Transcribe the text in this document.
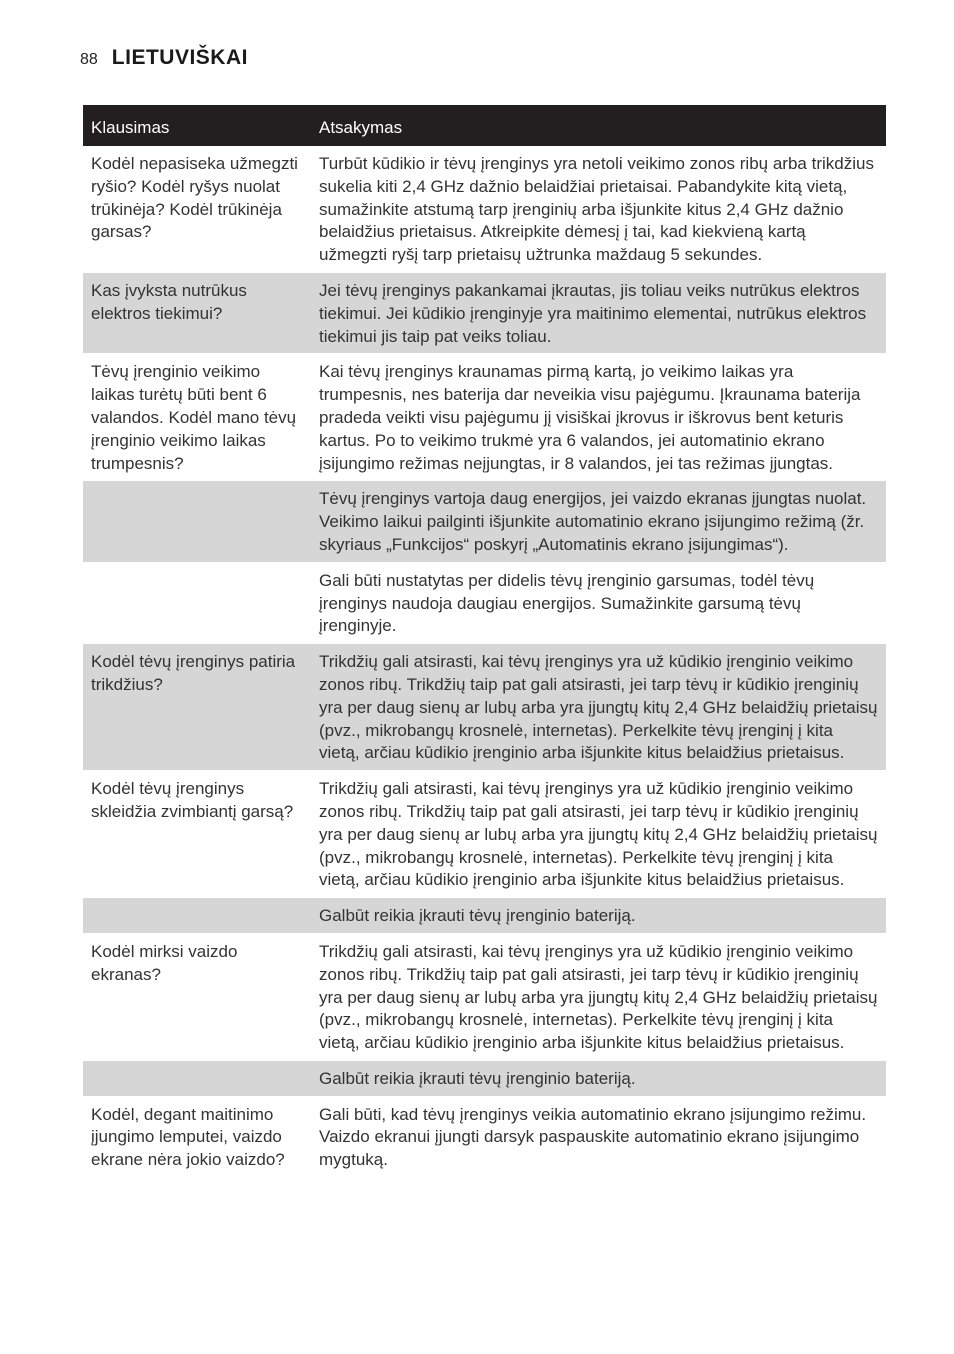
88 LIETUVIŠKAI
Klausimas	Atsakymas
Kodėl nepasiseka užmegzti ryšio? Kodėl ryšys nuolat trūkinėja? Kodėl trūkinėja garsas?	Turbūt kūdikio ir tėvų įrenginys yra netoli veikimo zonos ribų arba trikdžius sukelia kiti 2,4 GHz dažnio belaidžiai prietaisai. Pabandykite kitą vietą, sumažinkite atstumą tarp įrenginių arba išjunkite kitus 2,4 GHz dažnio belaidžius prietaisus. Atkreipkite dėmesį į tai, kad kiekvieną kartą užmegzti ryšį tarp prietaisų užtrunka maždaug 5 sekundes.
Kas įvyksta nutrūkus elektros tiekimui?	Jei tėvų įrenginys pakankamai įkrautas, jis toliau veiks nutrūkus elektros tiekimui. Jei kūdikio įrenginyje yra maitinimo elementai, nutrūkus elektros tiekimui jis taip pat veiks toliau.
Tėvų įrenginio veikimo laikas turėtų būti bent 6 valandos. Kodėl mano tėvų įrenginio veikimo laikas trumpesnis?	Kai tėvų įrenginys kraunamas pirmą kartą, jo veikimo laikas yra trumpesnis, nes baterija dar neveikia visu pajėgumu. Įkraunama baterija pradeda veikti visu pajėgumu jį visiškai įkrovus ir iškrovus bent keturis kartus. Po to veikimo trukmė yra 6 valandos, jei automatinio ekrano įsijungimo režimas neįjungtas, ir 8 valandos, jei tas režimas įjungtas.
	Tėvų įrenginys vartoja daug energijos, jei vaizdo ekranas įjungtas nuolat. Veikimo laikui pailginti išjunkite automatinio ekrano įsijungimo režimą (žr. skyriaus „Funkcijos“ poskyrį „Automatinis ekrano įsijungimas“).
	Gali būti nustatytas per didelis tėvų įrenginio garsumas, todėl tėvų įrenginys naudoja daugiau energijos. Sumažinkite garsumą tėvų įrenginyje.
Kodėl tėvų įrenginys patiria trikdžius?	Trikdžių gali atsirasti, kai tėvų įrenginys yra už kūdikio įrenginio veikimo zonos ribų. Trikdžių taip pat gali atsirasti, jei tarp tėvų ir kūdikio įrenginių yra per daug sienų ar lubų arba yra įjungtų kitų 2,4 GHz belaidžių prietaisų (pvz., mikrobangų krosnelė, internetas). Perkelkite tėvų įrenginį į kita vietą, arčiau kūdikio įrenginio arba išjunkite kitus belaidžius prietaisus.
Kodėl tėvų įrenginys skleidžia zvimbiantį garsą?	Trikdžių gali atsirasti, kai tėvų įrenginys yra už kūdikio įrenginio veikimo zonos ribų. Trikdžių taip pat gali atsirasti, jei tarp tėvų ir kūdikio įrenginių yra per daug sienų ar lubų arba yra įjungtų kitų 2,4 GHz belaidžių prietaisų (pvz., mikrobangų krosnelė, internetas). Perkelkite tėvų įrenginį į kita vietą, arčiau kūdikio įrenginio arba išjunkite kitus belaidžius prietaisus.
	Galbūt reikia įkrauti tėvų įrenginio bateriją.
Kodėl mirksi vaizdo ekranas?	Trikdžių gali atsirasti, kai tėvų įrenginys yra už kūdikio įrenginio veikimo zonos ribų. Trikdžių taip pat gali atsirasti, jei tarp tėvų ir kūdikio įrenginių yra per daug sienų ar lubų arba yra įjungtų kitų 2,4 GHz belaidžių prietaisų (pvz., mikrobangų krosnelė, internetas). Perkelkite tėvų įrenginį į kita vietą, arčiau kūdikio įrenginio arba išjunkite kitus belaidžius prietaisus.
	Galbūt reikia įkrauti tėvų įrenginio bateriją.
Kodėl, degant maitinimo įjungimo lemputei, vaizdo ekrane nėra jokio vaizdo?	Gali būti, kad tėvų įrenginys veikia automatinio ekrano įsijungimo režimu. Vaizdo ekranui įjungti darsyk paspauskite automatinio ekrano įsijungimo mygtuką.
